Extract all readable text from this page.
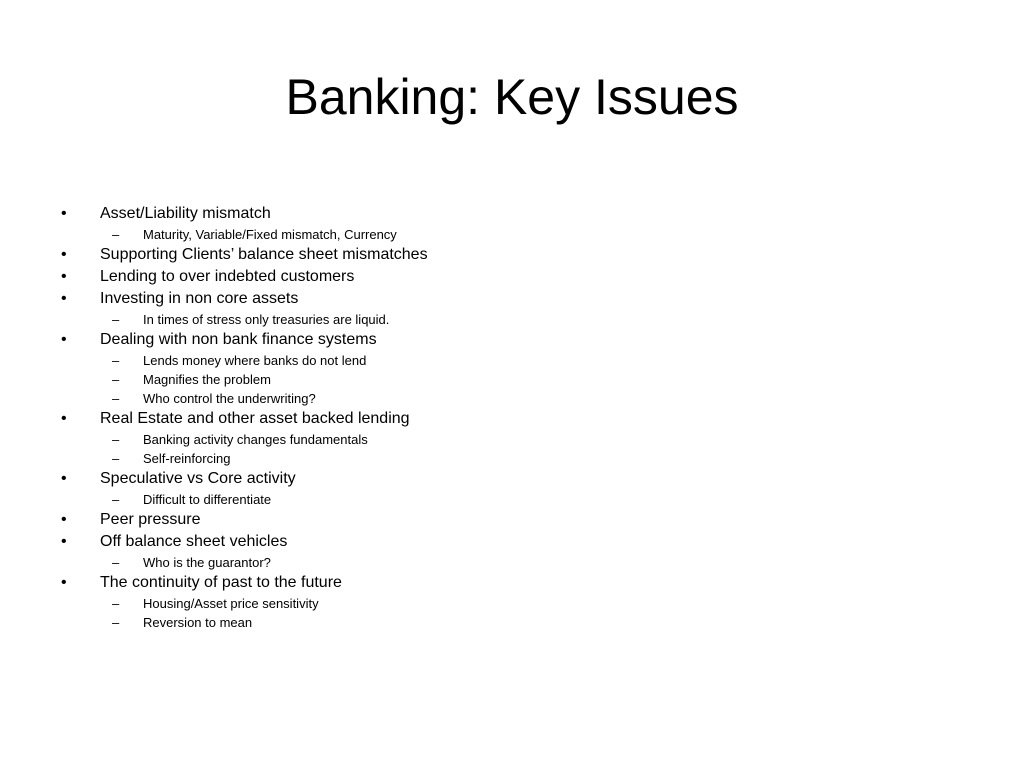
Banking: Key Issues
•	Asset/Liability mismatch
– Maturity, Variable/Fixed mismatch, Currency
•	Supporting Clients’ balance sheet mismatches
•	Lending to over indebted customers
•	Investing in non core assets
– In times of stress only treasuries are liquid.
•	Dealing with non bank finance systems
– Lends money where banks do not lend
– Magnifies the problem
– Who control the underwriting?
•	Real Estate and other asset backed lending
– Banking activity changes fundamentals
– Self-reinforcing
•	Speculative vs Core activity
– Difficult to differentiate
•	Peer pressure
•	Off balance sheet vehicles
– Who is the guarantor?
•	The continuity of past to the future
– Housing/Asset price sensitivity
– Reversion to mean
